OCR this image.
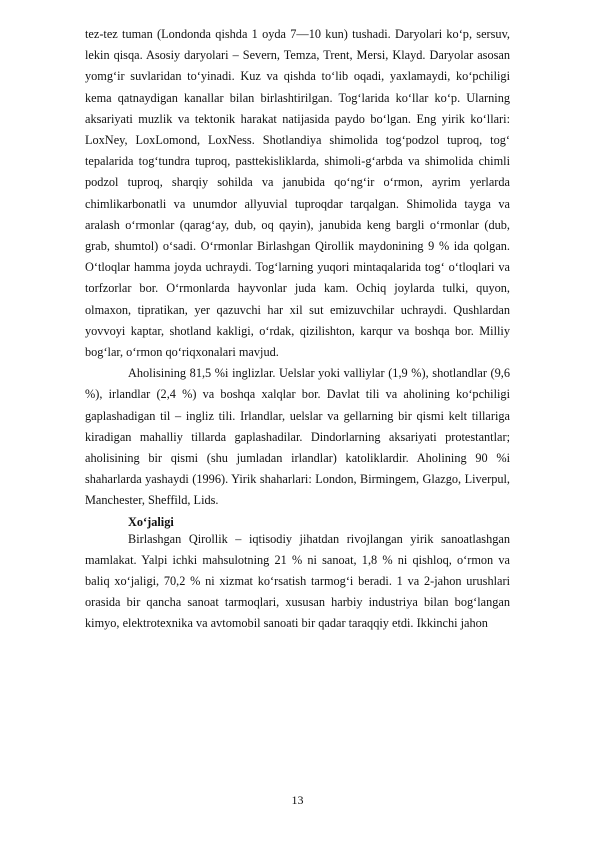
tez-tez tuman (Londonda qishda 1 oyda 7—10 kun) tushadi. Daryolari ko‘p, sersuv, lekin qisqa. Asosiy daryolari – Severn, Temza, Trent, Mersi, Klayd. Daryolar asosan yomg‘ir suvlaridan to‘yinadi. Kuz va qishda to‘lib oqadi, yaxlamaydi, ko‘pchiligi kema qatnaydigan kanallar bilan birlashtirilgan. Tog‘larida ko‘llar ko‘p. Ularning aksariyati muzlik va tektonik harakat natijasida paydo bo‘lgan. Eng yirik ko‘llari: LoxNey, LoxLomond, LoxNess. Shotlandiya shimolida tog‘podzol tuproq, tog‘ tepalarida tog‘tundra tuproq, pasttekisliklarda, shimoli-g‘arbda va shimolida chimli podzol tuproq, sharqiy sohilda va janubida qo‘ng‘ir o‘rmon, ayrim yerlarda chimlikarbonatli va unumdor allyuvial tuproqdar tarqalgan. Shimolida tayga va aralash o‘rmonlar (qarag‘ay, dub, oq qayin), janubida keng bargli o‘rmonlar (dub, grab, shumtol) o‘sadi. O‘rmonlar Birlashgan Qirollik maydonining 9 % ida qolgan. O‘tloqlar hamma joyda uchraydi. Tog‘larning yuqori mintaqalarida tog‘ o‘tloqlari va torfzorlar bor. O‘rmonlarda hayvonlar juda kam. Ochiq joylarda tulki, quyon, olmaxon, tipratikan, yer qazuvchi har xil sut emizuvchilar uchraydi. Qushlardan yovvoyi kaptar, shotland kakligi, o‘rdak, qizilishton, karqur va boshqa bor. Milliy bog‘lar, o‘rmon qo‘riqxonalari mavjud.

Aholisining 81,5 %i inglizlar. Uelslar yoki valliylar (1,9 %), shotlandlar (9,6 %), irlandlar (2,4 %) va boshqa xalqlar bor. Davlat tili va aholining ko‘pchiligi gaplashadigan til – ingliz tili. Irlandlar, uelslar va gellarning bir qismi kelt tillariga kiradigan mahalliy tillarda gaplashadilar. Dindorlarning aksariyati protestantlar; aholisining bir qismi (shu jumladan irlandlar) katoliklardir. Aholining 90 %i shaharlarda yashaydi (1996). Yirik shaharlari: London, Birmingem, Glazgo, Liverpul, Manchester, Sheffild, Lids.

Xo‘jaligi

Birlashgan Qirollik – iqtisodiy jihatdan rivojlangan yirik sanoatlashgan mamlakat. Yalpi ichki mahsulotning 21 % ni sanoat, 1,8 % ni qishloq, o‘rmon va baliq xo‘jaligi, 70,2 % ni xizmat ko‘rsatish tarmog‘i beradi. 1 va 2-jahon urushlari orasida bir qancha sanoat tarmoqlari, xususan harbiy industriya bilan bog‘langan kimyo, elektrotexnika va avtomobil sanoati bir qadar taraqqiy etdi. Ikkinchi jahon

13
